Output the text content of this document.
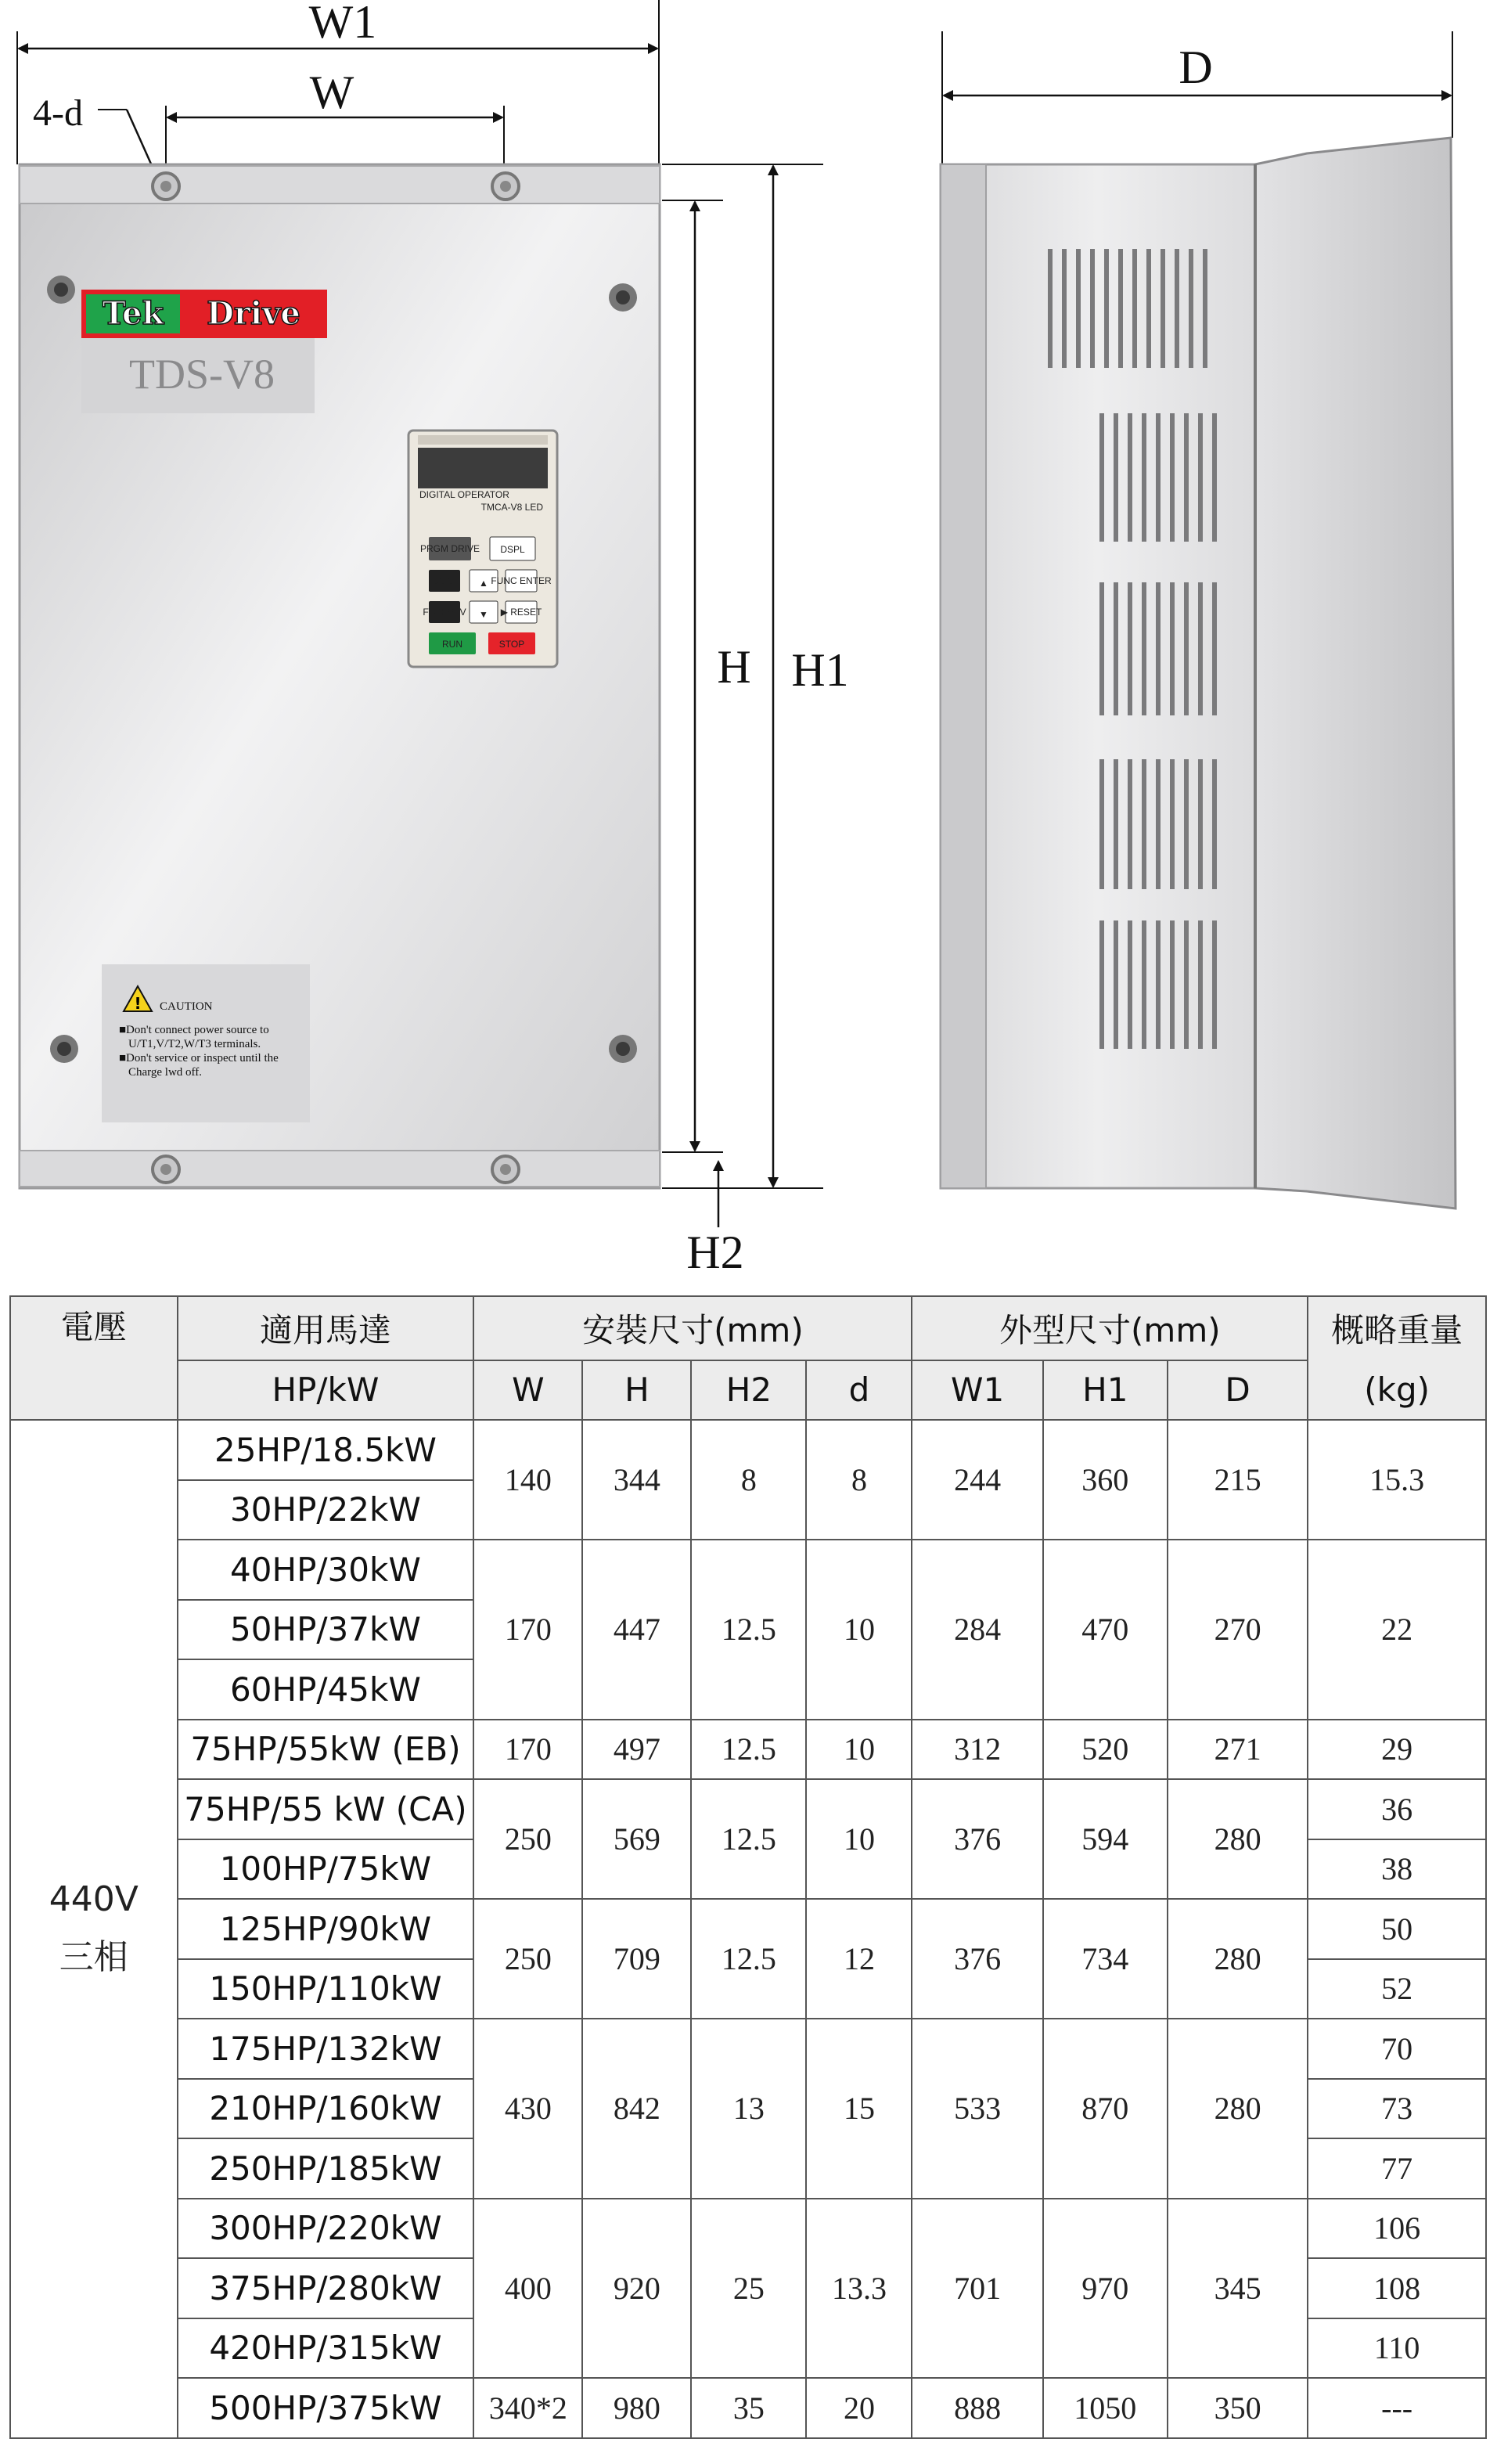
W1
W
4-d
Tek Drive
TDS-V8
DIGITAL OPERATOR
TMCA-V8 LED
PRGM DRIVE DSPL
JOG	▲ FUNC ENTER
FWD REV ▼ ▶ RESET
RUN	STOP
! CAUTION
■Don't connect power source to
U/T1,V/T2,W/T3 terminals.
■Don't service or inspect until the
Charge lwd off.
H H1
H2
D
電壓	適用馬達	安裝尺寸(mm)				外型尺寸(mm)			概略重量
	HP/kW	W	H	H2	d	W1	H1	D	(kg)
440V
三相	25HP/18.5kW	140	344	8	8	244	360	215	15.3
	30HP/22kW								
	40HP/30kW	170	447	12.5	10	284	470	270	22
	50HP/37kW								
	60HP/45kW								
	75HP/55kW (EB)	170	497	12.5	10	312	520	271	29
	75HP/55 kW (CA)	250	569	12.5	10	376	594	280	36
	100HP/75kW								38
	125HP/90kW	250	709	12.5	12	376	734	280	50
	150HP/110kW								52
	175HP/132kW	430	842	13	15	533	870	280	70
	210HP/160kW								73
	250HP/185kW								77
	300HP/220kW	400	920	25	13.3	701	970	345	106
	375HP/280kW								108
	420HP/315kW								110
	500HP/375kW	340*2	980	35	20	888	1050	350	---
